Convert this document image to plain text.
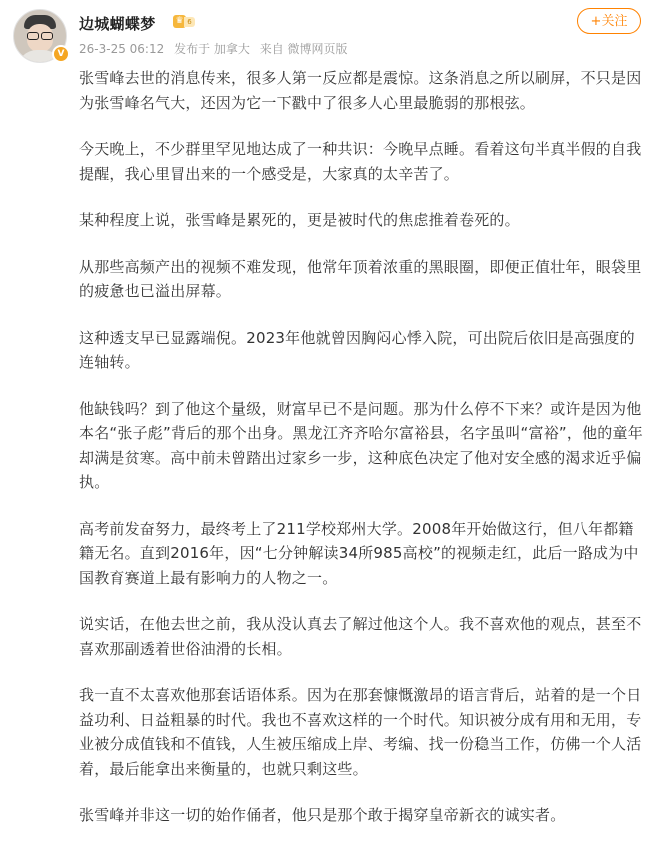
V
边城蝴蝶梦 ♛ 6
26-3-25 06:12 发布于 加拿大 来自 微博网页版
+关注

张雪峰去世的消息传来，很多人第一反应都是震惊。这条消息之所以刷屏，不只是因为张雪峰名气大，还因为它一下戳中了很多人心里最脆弱的那根弦。

今天晚上，不少群里罕见地达成了一种共识：今晚早点睡。看着这句半真半假的自我提醒，我心里冒出来的一个感受是，大家真的太辛苦了。

某种程度上说，张雪峰是累死的，更是被时代的焦虑推着卷死的。

从那些高频产出的视频不难发现，他常年顶着浓重的黑眼圈，即便正值壮年，眼袋里的疲惫也已溢出屏幕。

这种透支早已显露端倪。2023年他就曾因胸闷心悸入院，可出院后依旧是高强度的连轴转。

他缺钱吗？到了他这个量级，财富早已不是问题。那为什么停不下来？或许是因为他本名“张子彪”背后的那个出身。黑龙江齐齐哈尔富裕县，名字虽叫“富裕”，他的童年却满是贫寒。高中前未曾踏出过家乡一步，这种底色决定了他对安全感的渴求近乎偏执。

高考前发奋努力，最终考上了211学校郑州大学。2008年开始做这行，但八年都籍籍无名。直到2016年，因“七分钟解读34所985高校”的视频走红，此后一路成为中国教育赛道上最有影响力的人物之一。

说实话，在他去世之前，我从没认真去了解过他这个人。我不喜欢他的观点，甚至不喜欢那副透着世俗油滑的长相。

我一直不太喜欢他那套话语体系。因为在那套慷慨激昂的语言背后，站着的是一个日益功利、日益粗暴的时代。我也不喜欢这样的一个时代。知识被分成有用和无用，专业被分成值钱和不值钱，人生被压缩成上岸、考编、找一份稳当工作，仿佛一个人活着，最后能拿出来衡量的，也就只剩这些。

张雪峰并非这一切的始作俑者，他只是那个敢于揭穿皇帝新衣的诚实者。
